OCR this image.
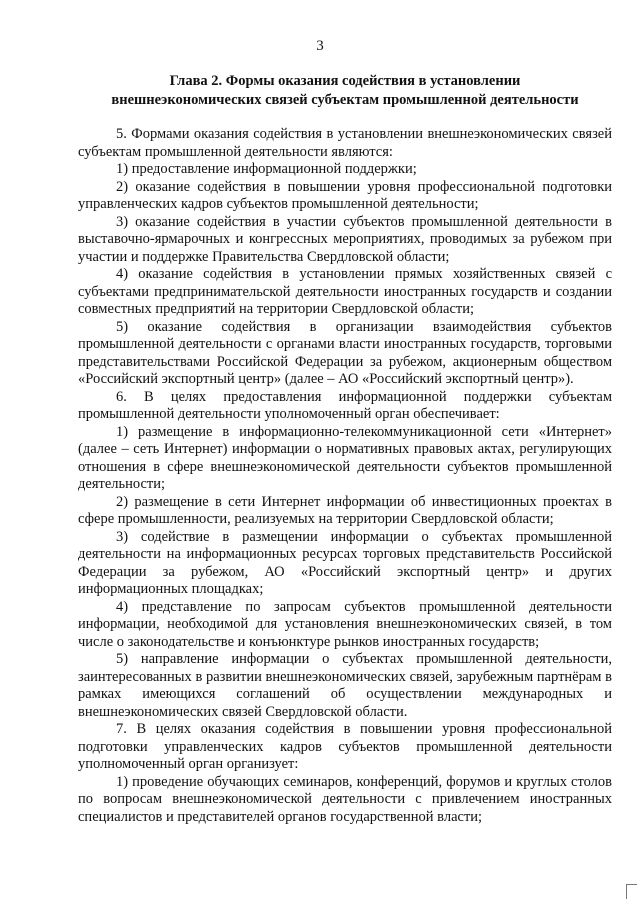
3
Глава 2. Формы оказания содействия в установлении
внешнеэкономических связей субъектам промышленной деятельности

5. Формами оказания содействия в установлении внешнеэкономических связей субъектам промышленной деятельности являются:

1) предоставление информационной поддержки;

2) оказание содействия в повышении уровня профессиональной подготовки управленческих кадров субъектов промышленной деятельности;

3) оказание содействия в участии субъектов промышленной деятельности в выставочно-ярмарочных и конгрессных мероприятиях, проводимых за рубежом при участии и поддержке Правительства Свердловской области;

4) оказание содействия в установлении прямых хозяйственных связей с субъектами предпринимательской деятельности иностранных государств и создании совместных предприятий на территории Свердловской области;

5) оказание содействия в организации взаимодействия субъектов промышленной деятельности с органами власти иностранных государств, торговыми представительствами Российской Федерации за рубежом, акционерным обществом «Российский экспортный центр» (далее – АО «Российский экспортный центр»).

6. В целях предоставления информационной поддержки субъектам промышленной деятельности уполномоченный орган обеспечивает:

1) размещение в информационно-телекоммуникационной сети «Интернет» (далее – сеть Интернет) информации о нормативных правовых актах, регулирующих отношения в сфере внешнеэкономической деятельности субъектов промышленной деятельности;

2) размещение в сети Интернет информации об инвестиционных проектах в сфере промышленности, реализуемых на территории Свердловской области;

3) содействие в размещении информации о субъектах промышленной деятельности на информационных ресурсах торговых представительств Российской Федерации за рубежом, АО «Российский экспортный центр» и других информационных площадках;

4) представление по запросам субъектов промышленной деятельности информации, необходимой для установления внешнеэкономических связей, в том числе о законодательстве и конъюнктуре рынков иностранных государств;

5) направление информации о субъектах промышленной деятельности, заинтересованных в развитии внешнеэкономических связей, зарубежным партнёрам в рамках имеющихся соглашений об осуществлении международных и внешнеэкономических связей Свердловской области.

7. В целях оказания содействия в повышении уровня профессиональной подготовки управленческих кадров субъектов промышленной деятельности уполномоченный орган организует:

1) проведение обучающих семинаров, конференций, форумов и круглых столов по вопросам внешнеэкономической деятельности с привлечением иностранных специалистов и представителей органов государственной власти;
